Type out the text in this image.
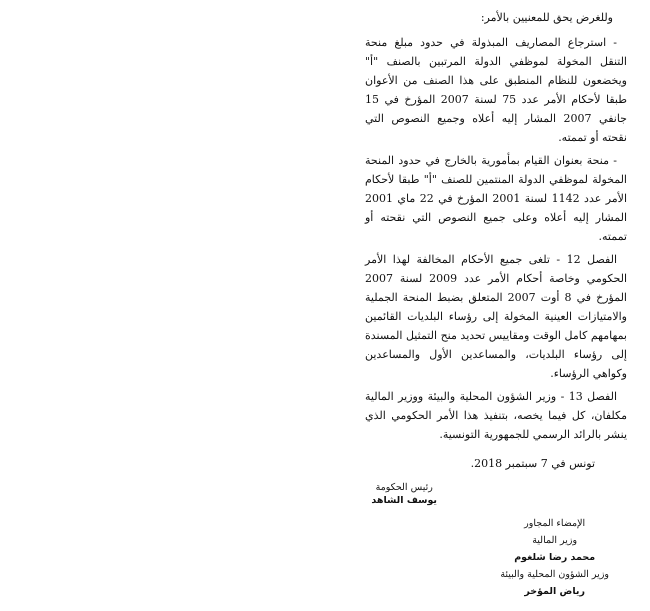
وللغرض يحق للمعنيين بالأمر:

- استرجاع المصاريف المبذولة في حدود مبلغ منحة التنقل المخولة لموظفي الدولة المرتبين بالصنف "أ" ويخضعون للنظام المنطبق على هذا الصنف من الأعوان طبقا لأحكام الأمر عدد 75 لسنة 2007 المؤرخ في 15 جانفي 2007 المشار إليه أعلاه وجميع النصوص التي نقحته أو تممته.

- منحة بعنوان القيام بمأمورية بالخارج في حدود المنحة المخولة لموظفي الدولة المنتمين للصنف "أ" طبقا لأحكام الأمر عدد 1142 لسنة 2001 المؤرخ في 22 ماي 2001 المشار إليه أعلاه وعلى جميع النصوص التي نقحته أو تممته.

الفصل 12 - تلغى جميع الأحكام المخالفة لهذا الأمر الحكومي وخاصة أحكام الأمر عدد 2009 لسنة 2007 المؤرخ في 8 أوت 2007 المتعلق بضبط المنحة الجملية والامتيازات العينية المخولة إلى رؤساء البلديات القائمين بمهامهم كامل الوقت ومقاييس تحديد منح التمثيل المسندة إلى رؤساء البلديات، والمساعدين الأول والمساعدين وكواهي الرؤساء.

الفصل 13 - وزير الشؤون المحلية والبيئة ووزير المالية مكلفان، كل فيما يخصه، بتنفيذ هذا الأمر الحكومي الذي ينشر بالرائد الرسمي للجمهورية التونسية.

تونس في 7 سبتمبر 2018.
رئيس الحكومة
يوسف الشاهد
الإمضاء المجاور
وزير المالية
محمد رضا شلغوم
وزير الشؤون المحلية والبيئة
رياض المؤخر
